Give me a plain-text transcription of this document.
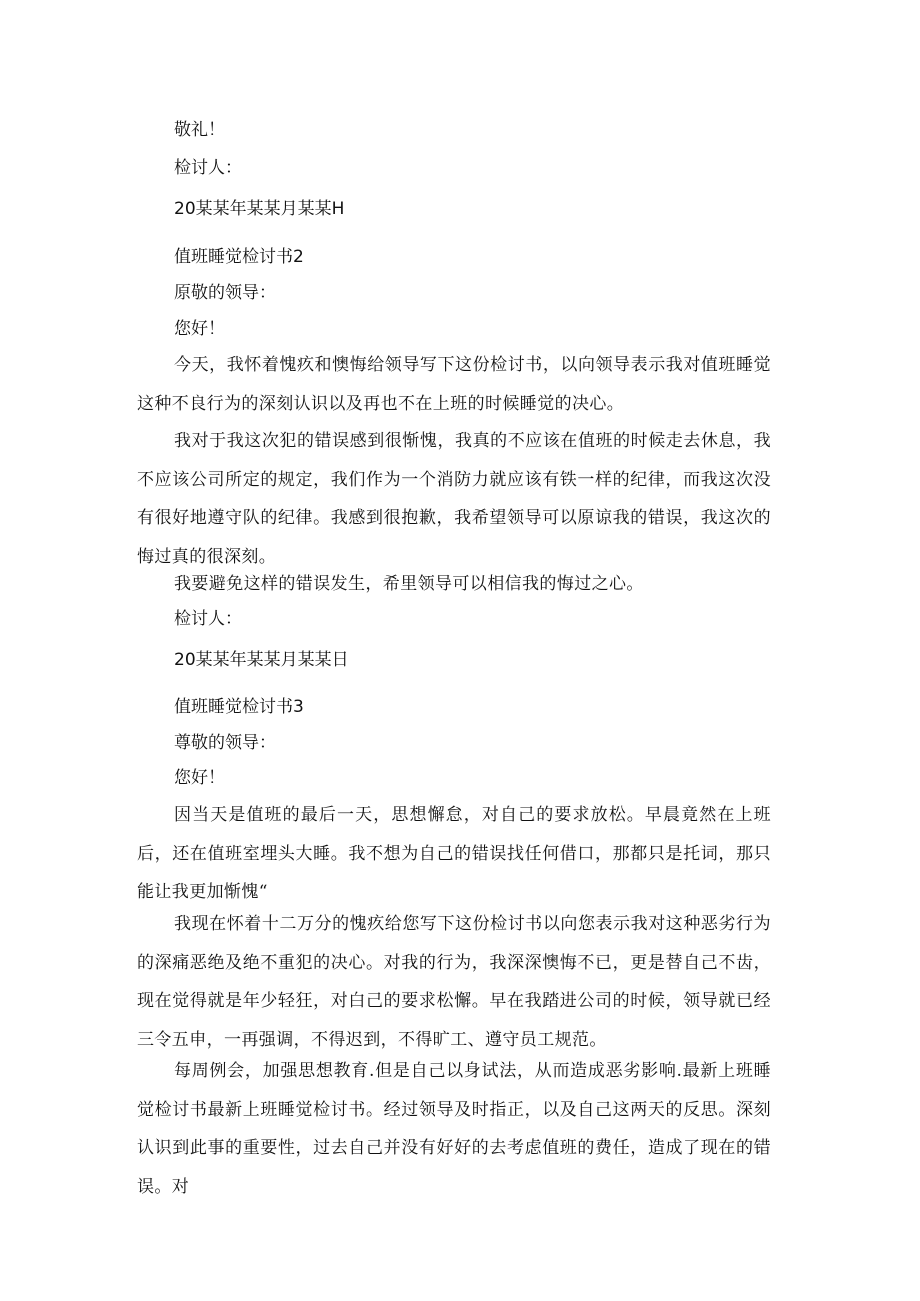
敬礼！
检讨人：
20某某年某某月某某H
值班睡觉检讨书2
原敬的领导：
您好！

今天，我怀着愧疚和懊悔给领导写下这份检讨书，以向领导表示我对值班睡觉这种不良行为的深刻认识以及再也不在上班的时候睡觉的决心。

我对于我这次犯的错误感到很惭愧，我真的不应该在值班的时候走去休息，我不应该公司所定的规定，我们作为一个消防力就应该有铁一样的纪律，而我这次没有很好地遵守队的纪律。我感到很抱歉，我希望领导可以原谅我的错误，我这次的悔过真的很深刻。

我要避免这样的错误发生，希里领导可以相信我的悔过之心。

检讨人：
20某某年某某月某某日
值班睡觉检讨书3
尊敬的领导：
您好！

因当天是值班的最后一天，思想懈怠，对自己的要求放松。早晨竟然在上班后，还在值班室埋头大睡。我不想为自己的错误找任何借口，那都只是托词，那只能让我更加惭愧“

我现在怀着十二万分的愧疚给您写下这份检讨书以向您表示我对这种恶劣行为的深痛恶绝及绝不重犯的决心。对我的行为，我深深懊悔不已，更是替自己不齿，现在觉得就是年少轻狂，对白己的要求松懈。早在我踏进公司的时候，领导就已经三令五申，一再强调，不得迟到，不得旷工、遵守员工规范。

每周例会，加强思想教育.但是自己以身试法，从而造成恶劣影响.最新上班睡觉检讨书最新上班睡觉检讨书。经过领导及时指正，以及自己这两天的反思。深刻认识到此事的重要性，过去自己并没有好好的去考虑值班的费任，造成了现在的错误。对
